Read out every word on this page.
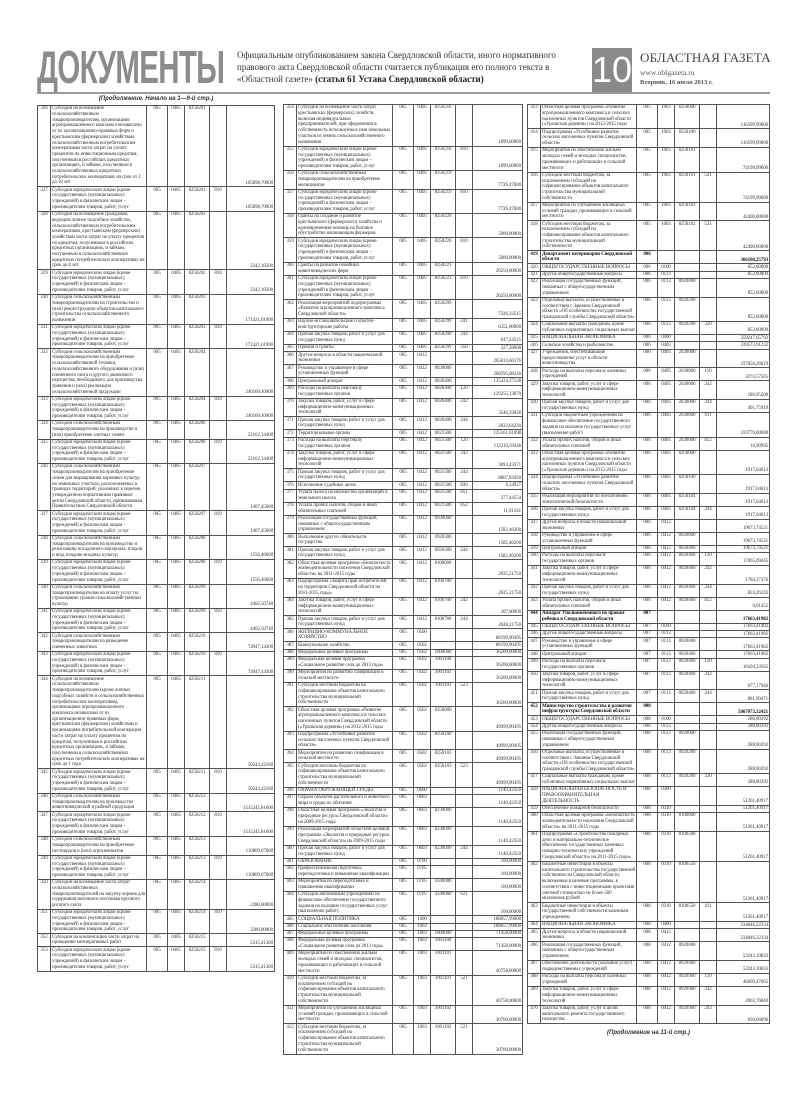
ДОКУМЕНТЫ Официальным опубликованием закона Свердловской области, иного нормативного правового акта Свердловской области считается публикация его полного текста в «Областной газете» (статья 61 Устава Свердловской области)	10 ОБЛАСТНАЯ ГАЗЕТА
www.oblgazeta.ru
Вторник, 16 июля 2013 г.
(Продолжение. Начало на 1—9-й стр.)
326	Субсидии на возмещение сельскохозяйственным товаропроизводителям, организациям агропромышленного комплекса независимо от их организационно-правовых форм и крестьянским (фермерским) хозяйствам, сельскохозяйственным потребительским кооперативам части затрат на уплату процентов по инвестиционным кредитам, полученным в российских кредитных организациях, и займам, полученным в сельскохозяйственных кредитных потребительских кооперативах на срок от 2 до 10 лет	005	0405	8250201		165898,70000
327	Субсидии юридическим лицам (кроме государственных (муниципальных) учреждений) и физическим лицам – производителям товаров, работ, услуг	005	0405	8250201	810	165898,70000
328	Субсидии на возмещение гражданам, ведущим личное подсобное хозяйство, сельскохозяйственным потребительским кооперативам, крестьянским (фермерским) хозяйствам части затрат на уплату процентов по кредитам, полученным в российских кредитных организациях, и займам, полученным в сельскохозяйственных кредитных потребительских кооперативах на срок до 8 лет	005	0405	8250202		2342,10500
329	Субсидии юридическим лицам (кроме государственных (муниципальных) учреждений) и физическим лицам – производителям товаров, работ, услуг	005	0405	8250202	810	2342,10500
330	Субсидии сельскохозяйственным товаропроизводителям на строительство и (или) реконструкцию объектов капитального строительства сельскохозяйственного назначения	005	0405	8250203		171421,61900
331	Субсидии юридическим лицам (кроме государственных (муниципальных) учреждений) и физическим лицам – производителям товаров, работ, услуг	005	0405	8250203	810	171421,61900
332	Субсидии сельскохозяйственным товаропроизводителям на приобретение сельскохозяйственной техники, сельскохозяйственного оборудования и (или) племенного скота и другого движимого имущества, необходимого для производства, хранения и (или) реализации сельскохозяйственной продукции	005	0405	8250204		246160,10000
333	Субсидии юридическим лицам (кроме государственных (муниципальных) учреждений) и физическим лицам – производителям товаров, работ, услуг	005	0405	8250204	810	246160,10000
334	Субсидии сельскохозяйственным товаропроизводителям на производство и (или) приобретение элитных семян	005	0405	8250206		22162,14400
335	Субсидии юридическим лицам (кроме государственных (муниципальных) учреждений) и физическим лицам – производителям товаров, работ, услуг	005	0405	8250206	810	22162,14400
336	Субсидии сельскохозяйственным товаропроизводителям на приобретение семян для выращивания кормовых культур на земельных участках, расположенных в границах территорий, указанных в перечне, утвержденном нормативным правовым актом Свердловской области, принимаемым Правительством Свердловской области	005	0405	8250207		1407,45000
337	Субсидии юридическим лицам (кроме государственных (муниципальных) учреждений) и физическим лицам – производителям товаров, работ, услуг	005	0405	8250207	810	1407,45000
338	Субсидии сельскохозяйственным товаропроизводителям на производство и реализацию посадочного материала, плодов и ягод плодово-ягодных культур	005	0405	8250208		1556,46600
339	Субсидии юридическим лицам (кроме государственных (муниципальных) учреждений) и физическим лицам – производителям товаров, работ, услуг	005	0405	8250208	810	1556,46600
340	Субсидии сельскохозяйственным товаропроизводителям на оплату услуг по страхованию урожая сельскохозяйственных культур	005	0405	8250209		4402,50740
341	Субсидии юридическим лицам (кроме государственных (муниципальных) учреждений) и физическим лицам – производителям товаров, работ, услуг	005	0405	8250209	810	4402,50740
342	Субсидии сельскохозяйственным товаропроизводителям на разведение племенных животных	005	0405	8250210		74947,14300
343	Субсидии юридическим лицам (кроме государственных (муниципальных) учреждений) и физическим лицам – производителям товаров, работ, услуг	005	0405	8250210	810	74947,14300
344	Субсидии на возмещение сельскохозяйственным товаропроизводителям (кроме личных подсобных хозяйств и сельскохозяйственных потребительских кооперативов), организациям агропромышленного комплекса независимо от их организационно-правовых форм, крестьянским (фермерским) хозяйствам и организациям потребительской кооперации части затрат на уплату процентов по кредитам, полученным в российских кредитных организациях, и займам, полученным в сельскохозяйственных кредитных потребительских кооперативах на срок до 1 года	005	0405	8250211		50243,42160
345	Субсидии юридическим лицам (кроме государственных (муниципальных) учреждений) и физическим лицам – производителям товаров, работ, услуг	005	0405	8250211	810	50243,42160
346	Субсидии сельскохозяйственным товаропроизводителям на производство животноводческой и рыбной продукции	005	0405	8250212		1515245,81600
347	Субсидии юридическим лицам (кроме государственных (муниципальных) учреждений) и физическим лицам – производителям товаров, работ, услуг	005	0405	8250212	810	1515245,81600
348	Субсидии сельскохозяйственным товаропроизводителям на приобретение пестицидов и (или) агрохимикатов	005	0405	8250213		110809,67000
349	Субсидии юридическим лицам (кроме государственных (муниципальных) учреждений) и физическим лицам – производителям товаров, работ, услуг	005	0405	8250213	810	110809,67000
350	Субсидии на возмещение части затрат сельскохозяйственных товаропроизводителей на закупку кормов для содержания маточного поголовья крупного рогатого скота	005	0405	8250214		2280,00000
351	Субсидии юридическим лицам (кроме государственных (муниципальных) учреждений) и физическим лицам – производителям товаров, работ, услуг	005	0405	8250214	810	2280,00000
352	Субсидии на компенсацию части затрат на проведение мелиоративных работ	005	0405	8250215		5315,41300
353	Субсидии юридическим лицам (кроме государственных (муниципальных) учреждений) и физическим лицам – производителям товаров, работ, услуг	005	0405	8250215	810	5315,41300
354	Субсидии на возмещение части затрат крестьянских (фермерских) хозяйств, включая индивидуальных предпринимателей, при оформлении в собственность используемых ими земельных участков из земель сельскохозяйственного назначения	005	0405	8250216		1899,60000
355	Субсидии юридическим лицам (кроме государственных (муниципальных) учреждений) и физическим лицам – производителям товаров, работ, услуг	005	0405	8250216	810	1899,60000
356	Субсидии сельскохозяйственным товаропроизводителям на приобретение мелиорантов	005	0405	8250219		7726,47600
357	Субсидии юридическим лицам (кроме государственных (муниципальных) учреждений) и физическим лицам – производителям товаров, работ, услуг	005	0405	8250219	810	7726,47600
358	Гранты на создание и развитие крестьянского (фермерского) хозяйства и единовременная помощь на бытовое обустройство начинающим фермерам	005	0405	8250220		5000,00000
359	Субсидии юридическим лицам (кроме государственных (муниципальных) учреждений) и физическим лицам – производителям товаров, работ, услуг	005	0405	8250220	810	5000,00000
360	Гранты на развитие семейных животноводческих ферм	005	0405	8250221		20250,80000
361	Субсидии юридическим лицам (кроме государственных (муниципальных) учреждений) и физическим лицам – производителям товаров, работ, услуг	005	0405	8250221	810	20250,80000
362	Реализация мероприятий подпрограммы «Развитие агропромышленного комплекса Свердловской области»	005	0405	8250299		7326,32515
363	Научно-исследовательские и опытно-конструкторские работы	005	0405	8250299	241	6351,80000
364	Прочая закупка товаров, работ и услуг для государственных нужд	005	0405	8250299	244	647,24515
365	Премии и гранты	005	0405	8250299	350	327,28000
366	Другие вопросы в области национальной экономики	005	0412			265013,66176
367	Руководство и управление в сфере установленных функций	005	0412	0020000		260595,08226
368	Центральный аппарат	005	0412	0020400		135434,37128
369	Расходы на выплаты персоналу государственных органов	005	0412	0020400	120	129255,13870
370	Закупка товаров, работ, услуг в сфере информационно-коммуникационных технологий	005	0412	0020400	242	3546,59028
371	Прочая закупка товаров, работ и услуг для государственных нужд	005	0412	0020400	244	2632,64230
372	Территориальные органы	005	0412	0021500		125161,61098
373	Расходы на выплаты персоналу государственных органов	005	0412	0021500	120	112210,59446
374	Закупка товаров, работ, услуг в сфере информационно-коммуникационных технологий	005	0412	0021500	242	3693,43371
375	Прочая закупка товаров, работ и услуг для государственных нужд	005	0412	0021500	244	8867,83450
376	Исполнение судебных актов	005	0412	0021500	830	0,34927
377	Уплата налога на имущество организаций и земельного налога	005	0412	0021500	851	377,44554
378	Уплата прочих налогов, сборов и иных обязательных платежей	005	0412	0021500	852	11,91341
379	Реализация государственных функций, связанных с общегосударственным управлением	005	0412	0920000		1582,46200
380	Выполнение других обязательств государства	005	0412	0920300		1582,46200
381	Прочая закупка товаров, работ и услуг для государственных нужд	005	0412	0920300	244	1582,46200
382	Областная целевая программа «Безопасность жизнедеятельности населения Свердловской области» на 2011-2015 годы	005	0412	8100000		2835,21750
383	Подпрограмма «Защита прав потребителей на территории Свердловской области на 2011-2015 годы»	005	0412	8100700		2835,21750
384	Закупка товаров, работ, услуг в сфере информационно-коммуникационных технологий	005	0412	8100700	242	207,00000
385	Прочая закупка товаров, работ и услуг для государственных нужд	005	0412	8100700	244	2628,21750
386	ЖИЛИЩНО-КОММУНАЛЬНОЕ ХОЗЯЙСТВО	005	0500			86199,90495
387	Коммунальное хозяйство	005	0502			86199,90495
388	Федеральные целевые программы	005	0502	1000000		36200,00000
389	Федеральная целевая программа «Социальное развитие села до 2013 года»	005	0502	1001100		36200,00000
390	Мероприятия по развитию газификации в сельской местности	005	0502	1001103		36200,00000
391	Субсидии местным бюджетам на софинансирование объектов капитального строительства муниципальной собственности	005	0502	1001103	523	36200,00000
392	Областная целевая программа «Развитие агропромышленного комплекса и сельских населенных пунктов Свердловской области («Уральская деревня») на 2012-2015 годы	005	0502	8250000		49999,90495
393	Подпрограмма «Устойчивое развитие сельских населенных пунктов Свердловской области»	005	0502	8250100		49999,90495
394	Мероприятия по развитию газификации в сельской местности	005	0502	8250103		49999,90495
395	Субсидии местным бюджетам на софинансирование объектов капитального строительства муниципальной собственности	005	0502	8250103	523	49999,90495
396	ОХРАНА ОКРУЖАЮЩЕЙ СРЕДЫ	005	0600			1140,42350
397	Охрана объектов растительного и животного мира и среды их обитания	005	0603			1140,42350
398	Областная целевая программа «Экология и природные ресурсы Свердловской области» на 2009-2015 годы	005	0603	8230000		1140,42350
399	Реализация мероприятий областной целевой программы «Экология и природные ресурсы Свердловской области» на 2009-2015 годы	005	0603	8230099		1140,42350
400	Прочая закупка товаров, работ и услуг для государственных нужд	005	0603	8230099	244	1140,42350
401	ОБРАЗОВАНИЕ	005	0700			100,00000
402	Профессиональная подготовка, переподготовка и повышение квалификации	005	0705			100,00000
403	Мероприятия по переподготовке и повышению квалификации	005	0705	4340000		100,00000
404	Субсидии автономным учреждениям на финансовое обеспечение государственного задания на оказание государственных услуг (выполнение работ)	005	0705	4340000	621	100,00000
405	СОЦИАЛЬНАЯ ПОЛИТИКА	005	1000			188057,99000
406	Социальное обеспечение населения	005	1003			188057,99000
407	Федеральные целевые программы	005	1003	1000000		71458,00000
408	Федеральная целевая программа «Социальное развитие села до 2013 года»	005	1003	1001100		71458,00000
409	Мероприятия по обеспечению жильем молодых семей и молодых специалистов, проживающих и работающих в сельской местности	005	1003	1001101		40758,00000
410	Субсидии местным бюджетам, за исключением субсидий на софинансирование объектов капитального строительства муниципальной собственности	005	1003	1001101	521	40758,00000
411	Мероприятия по улучшению жилищных условий граждан, проживающих в сельской местности	005	1003	1001102		30700,00000
412	Субсидии местным бюджетам, за исключением субсидий на софинансирование объектов капитального строительства муниципальной собственности	005	1003	1001102	521	30700,00000
413	Областная целевая программа «Развитие агропромышленного комплекса и сельских населенных пунктов Свердловской области («Уральская деревня») на 2012-2015 годы	005	1003	8250000		116599,99000
414	Подпрограмма «Устойчивое развитие сельских населенных пунктов Свердловской области»	005	1003	8250100		116599,99000
415	Мероприятия по обеспечению жильем молодых семей и молодых специалистов, проживающих и работающих в сельской местности	005	1003	8250101		74199,99000
416	Субсидии местным бюджетам, за исключением субсидий на софинансирование объектов капитального строительства муниципальной собственности	005	1003	8250101	521	74199,99000
417	Мероприятия по улучшению жилищных условий граждан, проживающих в сельской местности	005	1003	8250102		42400,00000
418	Субсидии местным бюджетам, за исключением субсидий на софинансирование объектов капитального строительства муниципальной собственности	005	1003	8250102	521	42400,00000
419	Департамент ветеринарии Свердловской области	006				366100,25793
420	ОБЩЕГОСУДАРСТВЕННЫЕ ВОПРОСЫ	006	0100			852,60000
421	Другие общегосударственные вопросы	006	0113			852,60000
422	Реализация государственных функций, связанных с общегосударственным управлением	006	0113	0920000		852,60000
423	Отдельные выплаты, осуществляемые в соответствии с Законом Свердловской области «Об особенностях государственной гражданской службы Свердловской области»	006	0113	0920200		852,60000
424	Социальные выплаты гражданам, кроме публичных нормативных социальных выплат	006	0113	0920200	320	852,60000
425	НАЦИОНАЛЬНАЯ ЭКОНОМИКА	006	0400			359247,65793
426	Сельское хозяйство и рыболовство	006	0405			339573,91232
427	Учреждения, обеспечивающие предоставление услуг в области животноводства	006	0405	2630000		337656,26619
428	Расходы на выплаты персоналу казенных учреждений	006	0405	2630000	110	3274,57505
429	Закупка товаров, работ, услуг в сфере информационно-коммуникационных технологий	006	0405	2630000	242	186,95200
430	Прочая закупка товаров, работ и услуг для государственных нужд	006	0405	2630000	244	401,75919
431	Субсидии бюджетным учреждениям на финансовое обеспечение государственного задания на оказание государственных услуг (выполнение работ)	006	0405	2630000	611	333776,00000
432	Уплата прочих налогов, сборов и иных обязательных платежей	006	0405	2630000	852	16,99995
433	Областная целевая программа «Развитие агропромышленного комплекса и сельских населенных пунктов Свердловской области («Уральская деревня») на 2012-2015 годы	006	0405	8250000		1917,64613
434	Подпрограмма «Устойчивое развитие сельских населенных пунктов Свердловской области»	006	0405	8250100		1917,64613
435	Реализация мероприятий по обеспечению эпизоотической безопасности	006	0405	8250104		1917,64613
436	Прочая закупка товаров, работ и услуг для государственных нужд	006	0405	8250104	244	1917,64613
437	Другие вопросы в области национальной экономики	006	0412			19673,74521
438	Руководство и управление в сфере установленных функций	006	0412	0020000		19673,74521
439	Центральный аппарат	006	0412	0020400		19673,74521
440	Расходы на выплаты персоналу государственных органов	006	0412	0020400	120	17065,09445
441	Закупка товаров, работ, услуг в сфере информационно-коммуникационных технологий	006	0412	0020400	242	1784,37376
442	Прочая закупка товаров, работ и услуг для государственных нужд	006	0412	0020400	244	824,26243
443	Уплата прочих налогов, сборов и иных обязательных платежей	006	0412	0020400	852	0,01455
444	Аппарат Уполномоченного по правам ребенка в Свердловской области	007				17663,41982
445	ОБЩЕГОСУДАРСТВЕННЫЕ ВОПРОСЫ	007	0100			17663,41982
446	Другие общегосударственные вопросы	007	0113			17663,41982
447	Руководство и управление в сфере установленных функций	007	0113	0020000		17663,41982
448	Центральный аппарат	007	0113	0020400		17663,41982
449	Расходы на выплаты персоналу государственных органов	007	0113	0020400	120	16104,33565
450	Закупка товаров, работ, услуг в сфере информационно-коммуникационных технологий	007	0113	0020400	242	677,17946
451	Прочая закупка товаров, работ и услуг для государственных нужд	007	0113	0020400	244	881,90471
452	Министерство строительства и развития инфраструктуры Свердловской области	008				5067073,32421
453	ОБЩЕГОСУДАРСТВЕННЫЕ ВОПРОСЫ	008	0100			288,00392
454	Другие общегосударственные вопросы	008	0113			288,00392
455	Реализация государственных функций, связанных с общегосударственным управлением	008	0113	0920000		288,00392
456	Отдельные выплаты, осуществляемые в соответствии с Законом Свердловской области «Об особенностях государственной гражданской службы Свердловской области»	008	0113	0920200		288,00392
457	Социальные выплаты гражданам, кроме публичных нормативных социальных выплат	008	0113	0920200	320	288,00392
458	НАЦИОНАЛЬНАЯ БЕЗОПАСНОСТЬ И ПРАВООХРАНИТЕЛЬНАЯ ДЕЯТЕЛЬНОСТЬ	008	0300			51261,40917
459	Обеспечение пожарной безопасности	008	0310			51261,40917
460	Областная целевая программа «Безопасность жизнедеятельности населения Свердловской области» на 2011-2015 годы	008	0310	8100000		51261,40917
461	Подпрограмма «Строительство пожарных депо и материально-техническое обеспечение государственных казенных пожарно-технических учреждений Свердловской области» на 2011-2015 годы»	008	0310	8100500		51261,40917
462	Бюджетные инвестиции в объекты капитального строительства государственной собственности Свердловской области, включенные в целевые программы, в соответствии с инвестиционными проектами сметной стоимостью не более 500 миллионов рублей	008	0310	8100550		51261,40917
463	Бюджетные инвестиции в объекты государственной собственности казенным учреждениям	008	0310	8100550	411	51261,40917
464	НАЦИОНАЛЬНАЯ ЭКОНОМИКА	008	0400			234846,22334
465	Другие вопросы в области национальной экономики	008	0412			234846,22334
466	Реализация государственных функций, связанных с общегосударственным управлением	008	0412	0920000		53243,10833
467	Обеспечение деятельности (оказание услуг) подведомственных учреждений	008	0412	0929900		53243,10833
468	Расходы на выплаты персоналу казенных учреждений	008	0412	0929900	110	46609,47065
469	Закупка товаров, работ, услуг в сфере информационно-коммуникационных технологий	008	0412	0929900	242	2003,76840
470	Закупка товаров, работ, услуг в целях капитального ремонта государственного имущества	008	0412	0929900	243	830,66090
(Продолжение на 11-й стр.)
